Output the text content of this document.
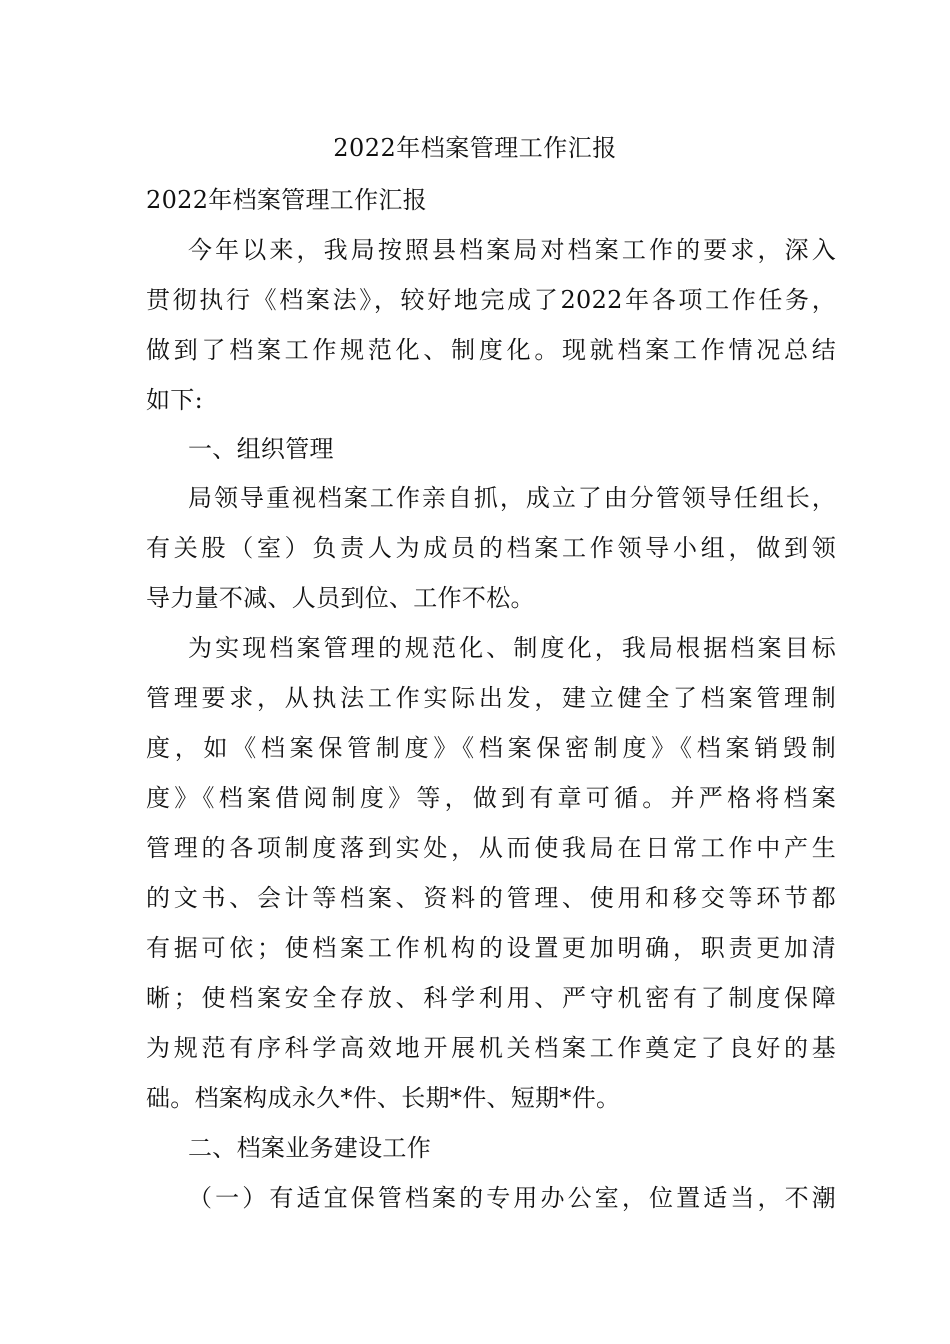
2022年档案管理工作汇报
2022年档案管理工作汇报
今年以来，我局按照县档案局对档案工作的要求，深入
贯彻执行《档案法》，较好地完成了2022年各项工作任务，
做到了档案工作规范化、制度化。现就档案工作情况总结
如下:
一、组织管理
局领导重视档案工作亲自抓，成立了由分管领导任组长，
有关股（室）负责人为成员的档案工作领导小组，做到领
导力量不减、人员到位、工作不松。
为实现档案管理的规范化、制度化，我局根据档案目标
管理要求，从执法工作实际出发，建立健全了档案管理制
度，如《档案保管制度》《档案保密制度》《档案销毁制
度》《档案借阅制度》等，做到有章可循。并严格将档案
管理的各项制度落到实处，从而使我局在日常工作中产生
的文书、会计等档案、资料的管理、使用和移交等环节都
有据可依；使档案工作机构的设置更加明确，职责更加清
晰；使档案安全存放、科学利用、严守机密有了制度保障
为规范有序科学高效地开展机关档案工作奠定了良好的基
础。档案构成永久*件、长期*件、短期*件。
二、档案业务建设工作
（一）有适宜保管档案的专用办公室，位置适当，不潮
